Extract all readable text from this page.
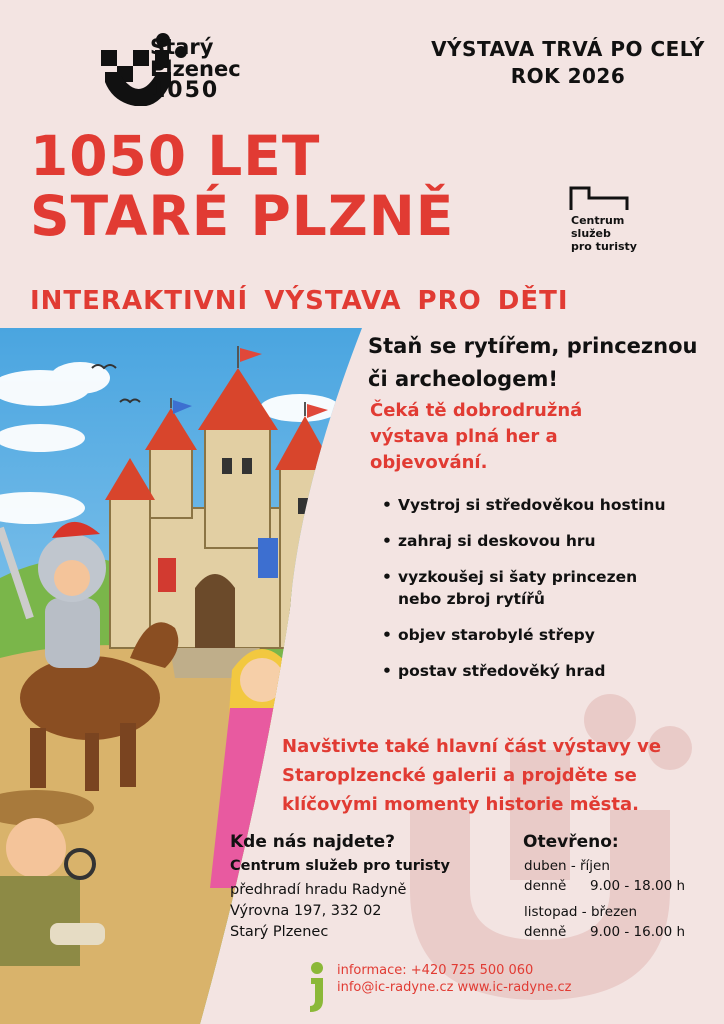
Starý
Plzenec
1050
VÝSTAVA TRVÁ PO CELÝ ROK 2026
1050 LET
STARÉ PLZNĚ	Centrum
služeb
pro turisty
INTERAKTIVNÍ VÝSTAVA PRO DĚTI
Staň se rytířem, princeznou či archeologem!
Čeká tě dobrodružná výstava plná her a objevování.
• Vystroj si středověkou hostinu
• zahraj si deskovou hru
• vyzkoušej si šaty princezen nebo zbroj rytířů
• objev starobylé střepy
• postav středověký hrad
Navštivte také hlavní část výstavy ve Staroplzencké galerii a projděte se klíčovými momenty historie města.
Kde nás najdete?
Centrum služeb pro turisty
předhradí hradu Radyně
Výrovna 197, 332 02
Starý Plzenec
Otevřeno:
duben - říjen
denně 9.00 - 18.00 h
listopad - březen
denně 9.00 - 16.00 h
informace: +420 725 500 060
info@ic-radyne.cz www.ic-radyne.cz
